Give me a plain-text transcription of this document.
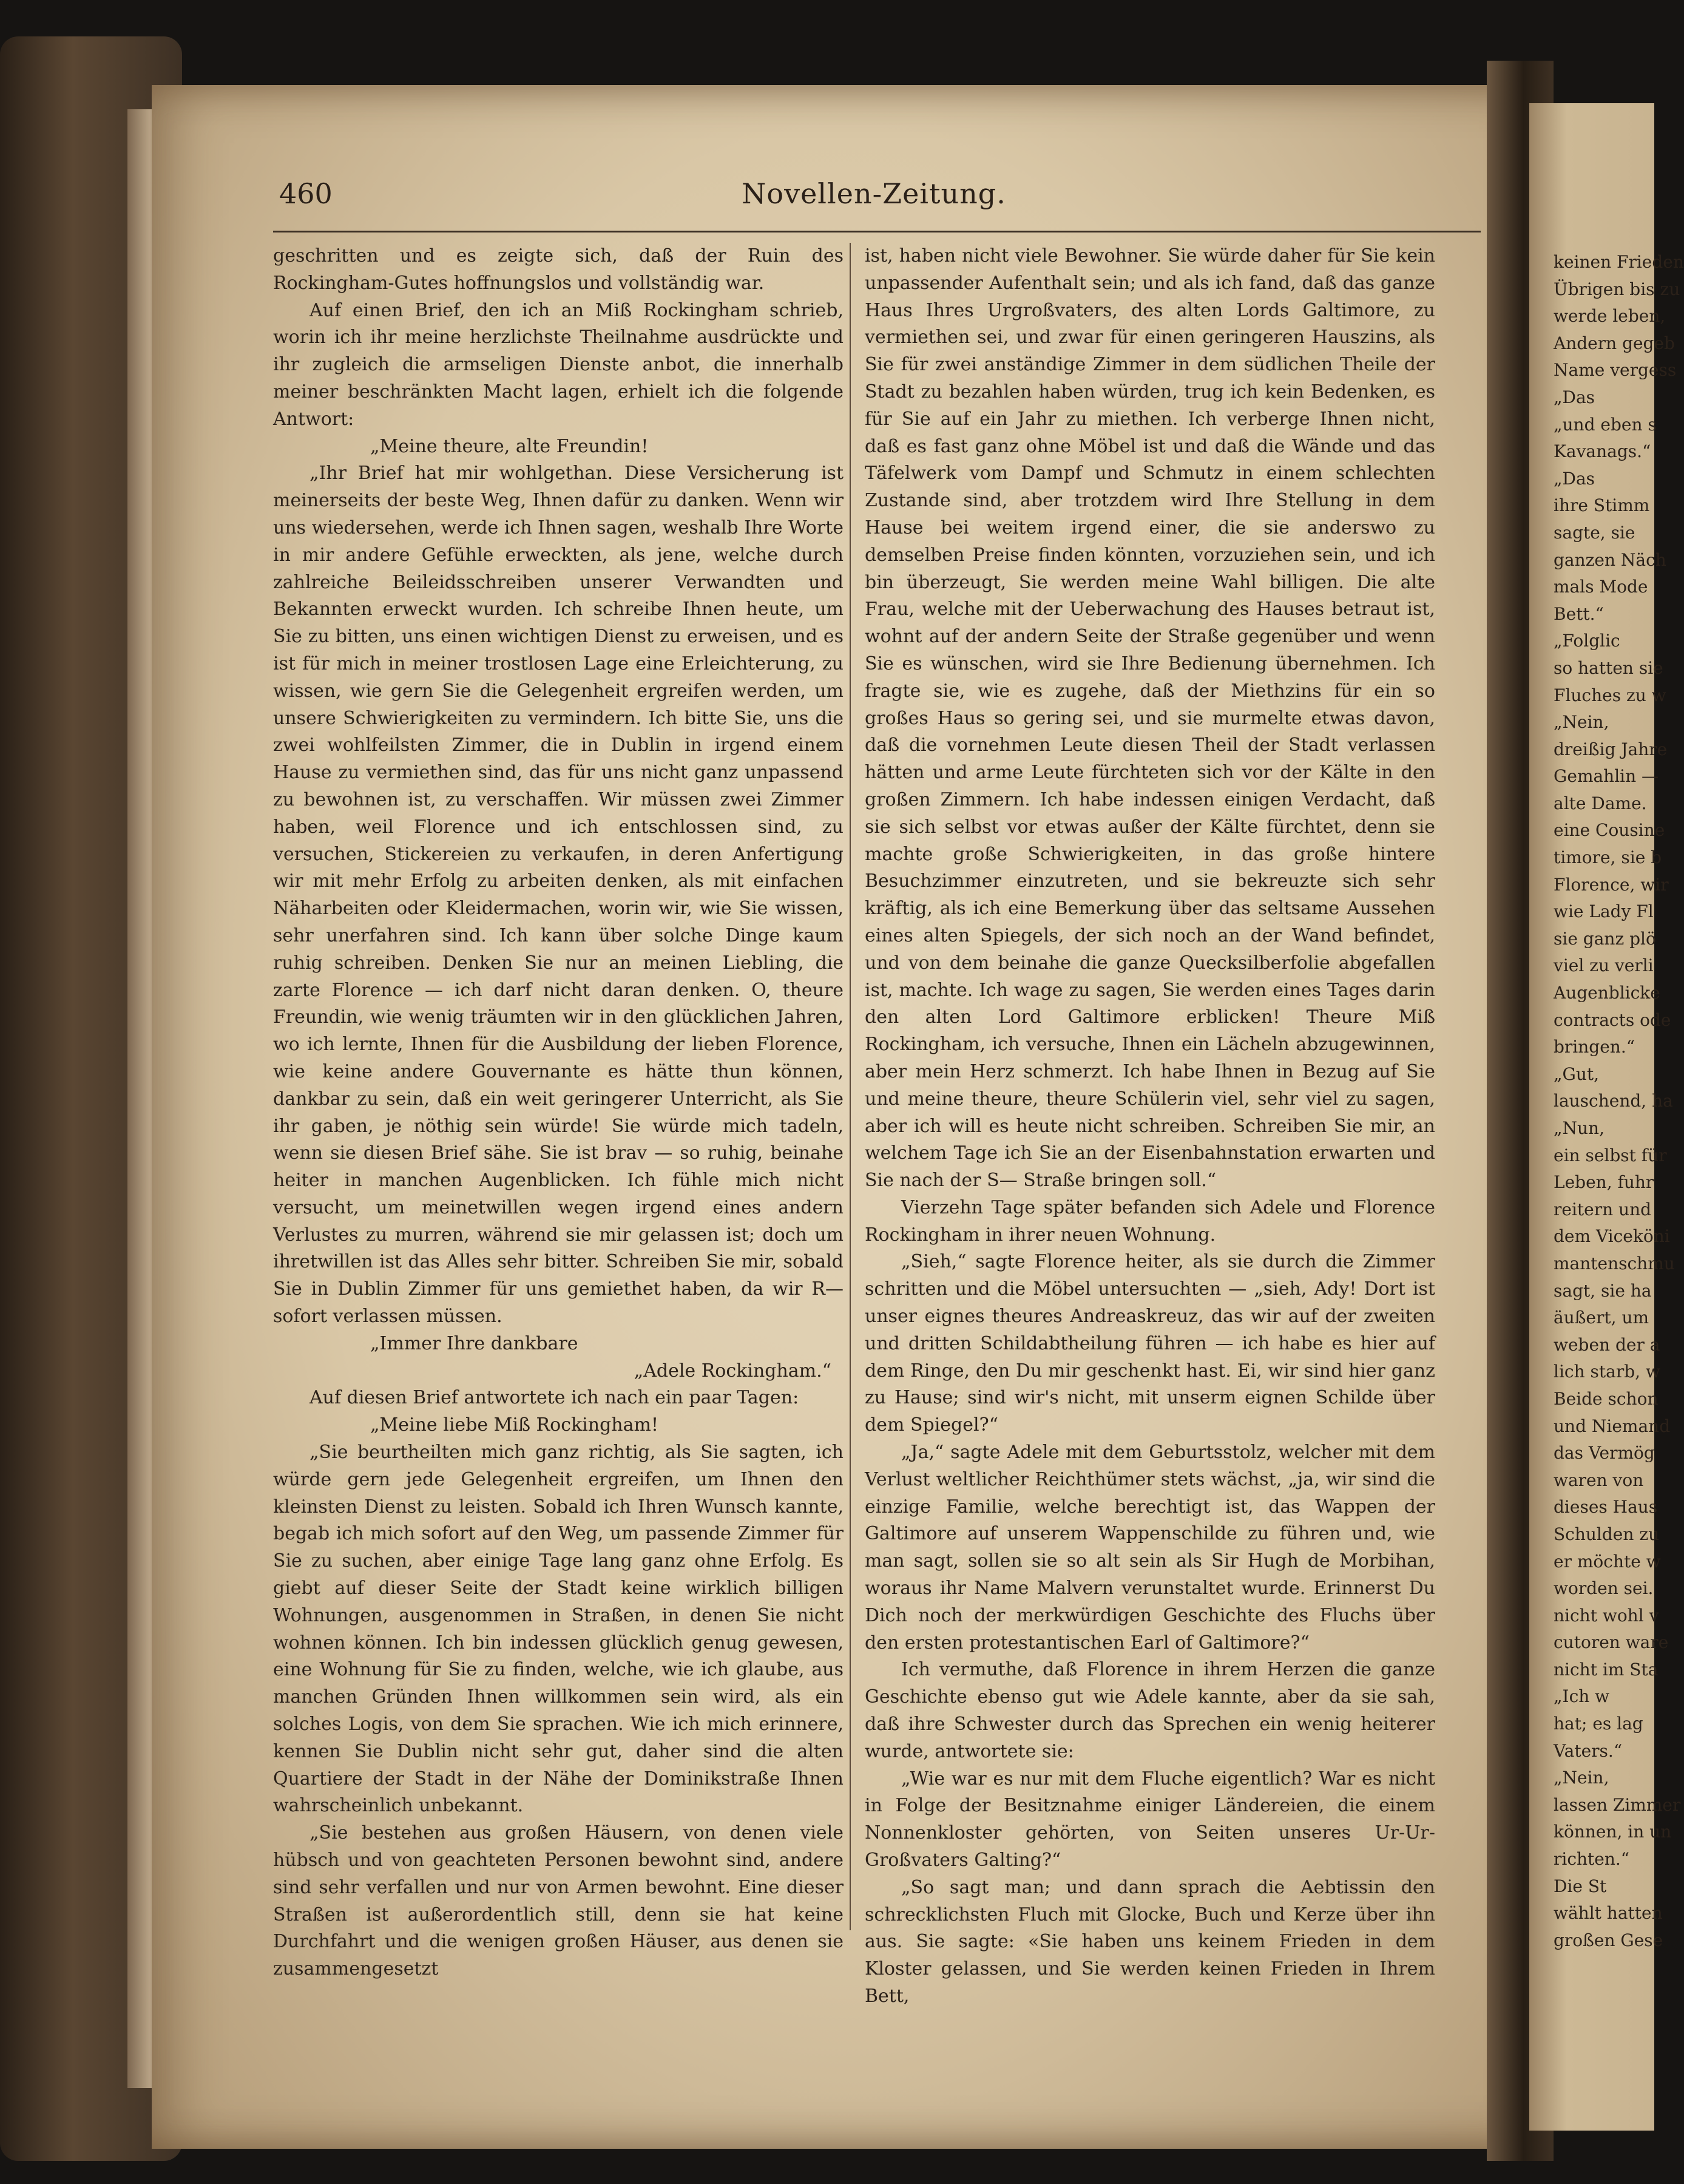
keinen Frieden
Übrigen bis zu
werde leben,
Andern gegeb
Name vergess
„Das
„und eben s
Kavanags.“
„Das
ihre Stimm
sagte, sie
ganzen Näch
mals Mode
Bett.“
„Folglic
so hatten sie
Fluches zu w
„Nein,
dreißig Jahre
Gemahlin —
alte Dame.
eine Cousine
timore, sie b
Florence, wir
wie Lady Fl
sie ganz plö
viel zu verli
Augenblicke
contracts ode
bringen.“
„Gut,
lauschend, ha
„Nun,
ein selbst für
Leben, fuhr
reitern und
dem Viceköni
mantenschmu
sagt, sie ha
äußert, um
weben der a
lich starb, w
Beide schon
und Niemand
das Vermög
waren von
dieses Haus
Schulden zu
er möchte w
worden sei.
nicht wohl v
cutoren ware
nicht im Sta
„Ich w
hat; es lag
Vaters.“
„Nein,
lassen Zimmer
können, in un
richten.“
Die St
wählt hatten
großen Gese
460	Novellen-Zeitung.

geschritten und es zeigte sich, daß der Ruin des Rockingham-Gutes hoffnungslos und vollständig war.

Auf einen Brief, den ich an Miß Rockingham schrieb, worin ich ihr meine herzlichste Theilnahme ausdrückte und ihr zugleich die armseligen Dienste anbot, die innerhalb meiner beschränkten Macht lagen, erhielt ich die folgende Antwort:

„Meine theure, alte Freundin!

„Ihr Brief hat mir wohlgethan. Diese Versicherung ist meinerseits der beste Weg, Ihnen dafür zu danken. Wenn wir uns wiedersehen, werde ich Ihnen sagen, weshalb Ihre Worte in mir andere Gefühle erweckten, als jene, welche durch zahlreiche Beileidsschreiben unserer Verwandten und Bekannten erweckt wurden. Ich schreibe Ihnen heute, um Sie zu bitten, uns einen wichtigen Dienst zu erweisen, und es ist für mich in meiner trostlosen Lage eine Erleichterung, zu wissen, wie gern Sie die Gelegenheit ergreifen werden, um unsere Schwierigkeiten zu vermindern. Ich bitte Sie, uns die zwei wohlfeilsten Zimmer, die in Dublin in irgend einem Hause zu vermiethen sind, das für uns nicht ganz unpassend zu bewohnen ist, zu verschaffen. Wir müssen zwei Zimmer haben, weil Florence und ich entschlossen sind, zu versuchen, Stickereien zu verkaufen, in deren Anfertigung wir mit mehr Erfolg zu arbeiten denken, als mit einfachen Näharbeiten oder Kleidermachen, worin wir, wie Sie wissen, sehr unerfahren sind. Ich kann über solche Dinge kaum ruhig schreiben. Denken Sie nur an meinen Liebling, die zarte Florence — ich darf nicht daran denken. O, theure Freundin, wie wenig träumten wir in den glücklichen Jahren, wo ich lernte, Ihnen für die Ausbildung der lieben Florence, wie keine andere Gouvernante es hätte thun können, dankbar zu sein, daß ein weit geringerer Unterricht, als Sie ihr gaben, je nöthig sein würde! Sie würde mich tadeln, wenn sie diesen Brief sähe. Sie ist brav — so ruhig, beinahe heiter in manchen Augenblicken. Ich fühle mich nicht versucht, um meinetwillen wegen irgend eines andern Verlustes zu murren, während sie mir gelassen ist; doch um ihretwillen ist das Alles sehr bitter. Schreiben Sie mir, sobald Sie in Dublin Zimmer für uns gemiethet haben, da wir R— sofort verlassen müssen.

„Immer Ihre dankbare

„Adele Rockingham.“

Auf diesen Brief antwortete ich nach ein paar Tagen:

„Meine liebe Miß Rockingham!

„Sie beurtheilten mich ganz richtig, als Sie sagten, ich würde gern jede Gelegenheit ergreifen, um Ihnen den kleinsten Dienst zu leisten. Sobald ich Ihren Wunsch kannte, begab ich mich sofort auf den Weg, um passende Zimmer für Sie zu suchen, aber einige Tage lang ganz ohne Erfolg. Es giebt auf dieser Seite der Stadt keine wirklich billigen Wohnungen, ausgenommen in Straßen, in denen Sie nicht wohnen können. Ich bin indessen glücklich genug gewesen, eine Wohnung für Sie zu finden, welche, wie ich glaube, aus manchen Gründen Ihnen willkommen sein wird, als ein solches Logis, von dem Sie sprachen. Wie ich mich erinnere, kennen Sie Dublin nicht sehr gut, daher sind die alten Quartiere der Stadt in der Nähe der Dominikstraße Ihnen wahrscheinlich unbekannt.

„Sie bestehen aus großen Häusern, von denen viele hübsch und von geachteten Personen bewohnt sind, andere sind sehr verfallen und nur von Armen bewohnt. Eine dieser Straßen ist außerordentlich still, denn sie hat keine Durchfahrt und die wenigen großen Häuser, aus denen sie zusammengesetzt

ist, haben nicht viele Bewohner. Sie würde daher für Sie kein unpassender Aufenthalt sein; und als ich fand, daß das ganze Haus Ihres Urgroßvaters, des alten Lords Galtimore, zu vermiethen sei, und zwar für einen geringeren Hauszins, als Sie für zwei anständige Zimmer in dem südlichen Theile der Stadt zu bezahlen haben würden, trug ich kein Bedenken, es für Sie auf ein Jahr zu miethen. Ich verberge Ihnen nicht, daß es fast ganz ohne Möbel ist und daß die Wände und das Täfelwerk vom Dampf und Schmutz in einem schlechten Zustande sind, aber trotzdem wird Ihre Stellung in dem Hause bei weitem irgend einer, die sie anderswo zu demselben Preise finden könnten, vorzuziehen sein, und ich bin überzeugt, Sie werden meine Wahl billigen. Die alte Frau, welche mit der Ueberwachung des Hauses betraut ist, wohnt auf der andern Seite der Straße gegenüber und wenn Sie es wünschen, wird sie Ihre Bedienung übernehmen. Ich fragte sie, wie es zugehe, daß der Miethzins für ein so großes Haus so gering sei, und sie murmelte etwas davon, daß die vornehmen Leute diesen Theil der Stadt verlassen hätten und arme Leute fürchteten sich vor der Kälte in den großen Zimmern. Ich habe indessen einigen Verdacht, daß sie sich selbst vor etwas außer der Kälte fürchtet, denn sie machte große Schwierigkeiten, in das große hintere Besuchzimmer einzutreten, und sie bekreuzte sich sehr kräftig, als ich eine Bemerkung über das seltsame Aussehen eines alten Spiegels, der sich noch an der Wand befindet, und von dem beinahe die ganze Quecksilberfolie abgefallen ist, machte. Ich wage zu sagen, Sie werden eines Tages darin den alten Lord Galtimore erblicken! Theure Miß Rockingham, ich versuche, Ihnen ein Lächeln abzugewinnen, aber mein Herz schmerzt. Ich habe Ihnen in Bezug auf Sie und meine theure, theure Schülerin viel, sehr viel zu sagen, aber ich will es heute nicht schreiben. Schreiben Sie mir, an welchem Tage ich Sie an der Eisenbahnstation erwarten und Sie nach der S— Straße bringen soll.“

Vierzehn Tage später befanden sich Adele und Florence Rockingham in ihrer neuen Wohnung.

„Sieh,“ sagte Florence heiter, als sie durch die Zimmer schritten und die Möbel untersuchten — „sieh, Ady! Dort ist unser eignes theures Andreaskreuz, das wir auf der zweiten und dritten Schildabtheilung führen — ich habe es hier auf dem Ringe, den Du mir geschenkt hast. Ei, wir sind hier ganz zu Hause; sind wir's nicht, mit unserm eignen Schilde über dem Spiegel?“

„Ja,“ sagte Adele mit dem Geburtsstolz, welcher mit dem Verlust weltlicher Reichthümer stets wächst, „ja, wir sind die einzige Familie, welche berechtigt ist, das Wappen der Galtimore auf unserem Wappenschilde zu führen und, wie man sagt, sollen sie so alt sein als Sir Hugh de Morbihan, woraus ihr Name Malvern verunstaltet wurde. Erinnerst Du Dich noch der merkwürdigen Geschichte des Fluchs über den ersten protestantischen Earl of Galtimore?“

Ich vermuthe, daß Florence in ihrem Herzen die ganze Geschichte ebenso gut wie Adele kannte, aber da sie sah, daß ihre Schwester durch das Sprechen ein wenig heiterer wurde, antwortete sie:

„Wie war es nur mit dem Fluche eigentlich? War es nicht in Folge der Besitznahme einiger Ländereien, die einem Nonnenkloster gehörten, von Seiten unseres Ur-Ur-Großvaters Galting?“

„So sagt man; und dann sprach die Aebtissin den schrecklichsten Fluch mit Glocke, Buch und Kerze über ihn aus. Sie sagte: «Sie haben uns keinem Frieden in dem Kloster gelassen, und Sie werden keinen Frieden in Ihrem Bett,
